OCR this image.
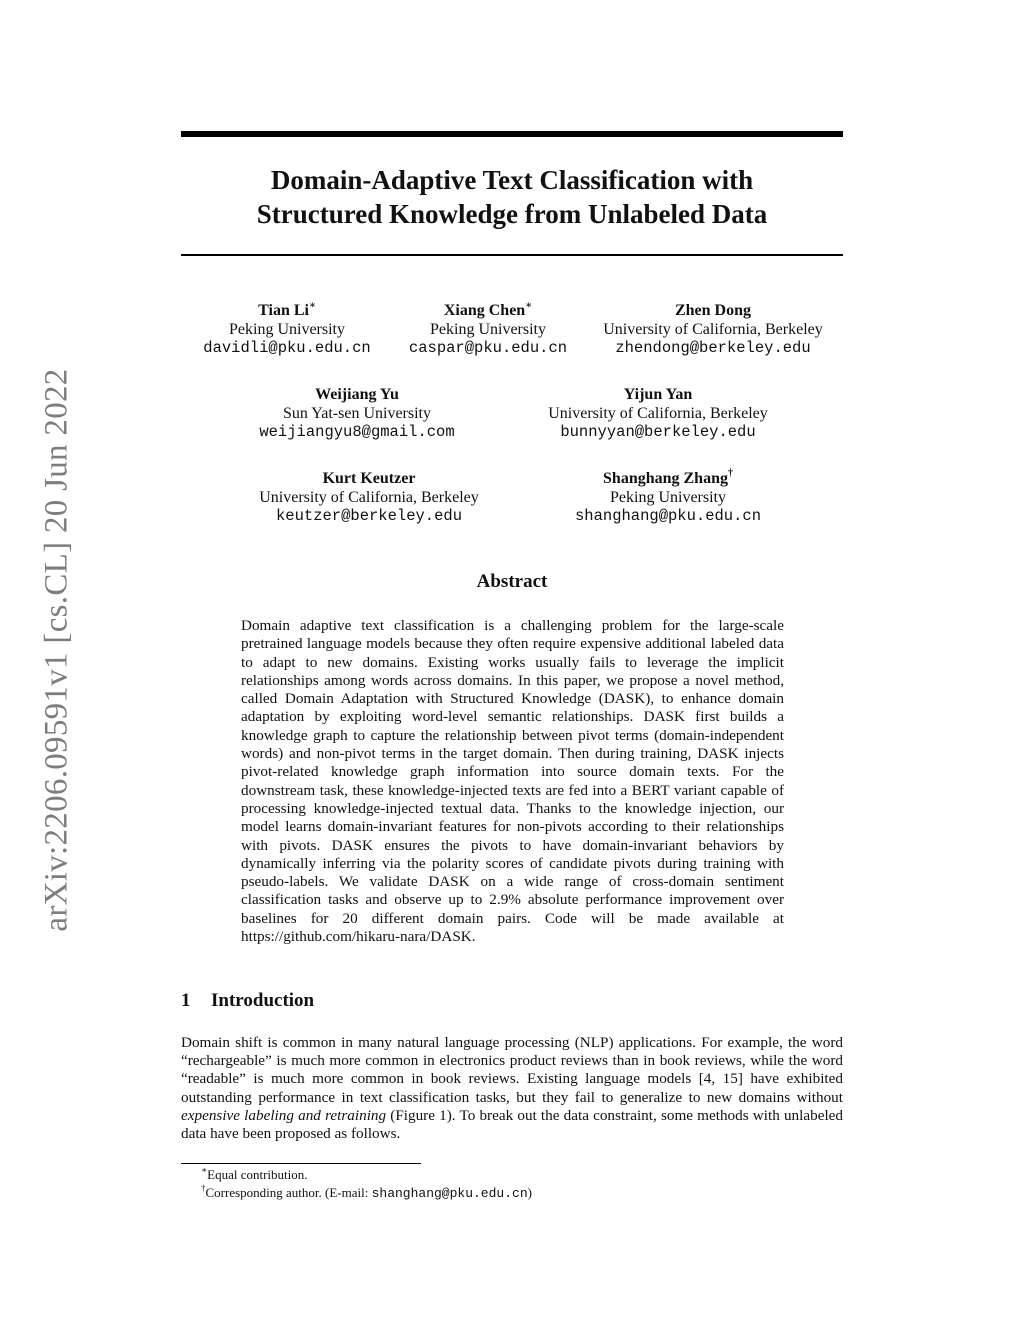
arXiv:2206.09591v1 [cs.CL] 20 Jun 2022
Domain-Adaptive Text Classification with
Structured Knowledge from Unlabeled Data
Tian Li∗
Peking University
davidli@pku.edu.cn
Xiang Chen∗
Peking University
caspar@pku.edu.cn
Zhen Dong
University of California, Berkeley
zhendong@berkeley.edu
Weijiang Yu
Sun Yat-sen University
weijiangyu8@gmail.com
Yijun Yan
University of California, Berkeley
bunnyyan@berkeley.edu
Kurt Keutzer
University of California, Berkeley
keutzer@berkeley.edu
Shanghang Zhang†
Peking University
shanghang@pku.edu.cn
Abstract
Domain adaptive text classification is a challenging problem for the large-scale pretrained language models because they often require expensive additional labeled data to adapt to new domains. Existing works usually fails to leverage the implicit relationships among words across domains. In this paper, we propose a novel method, called Domain Adaptation with Structured Knowledge (DASK), to enhance domain adaptation by exploiting word-level semantic relationships. DASK first builds a knowledge graph to capture the relationship between pivot terms (domain-independent words) and non-pivot terms in the target domain. Then during training, DASK injects pivot-related knowledge graph information into source domain texts. For the downstream task, these knowledge-injected texts are fed into a BERT variant capable of processing knowledge-injected textual data. Thanks to the knowledge injection, our model learns domain-invariant features for non-pivots according to their relationships with pivots. DASK ensures the pivots to have domain-invariant behaviors by dynamically inferring via the polarity scores of candidate pivots during training with pseudo-labels. We validate DASK on a wide range of cross-domain sentiment classification tasks and observe up to 2.9% absolute performance improvement over baselines for 20 different domain pairs. Code will be made available at https://github.com/hikaru-nara/DASK.
1 Introduction
Domain shift is common in many natural language processing (NLP) applications. For example, the word “rechargeable” is much more common in electronics product reviews than in book reviews, while the word “readable” is much more common in book reviews. Existing language models [4, 15] have exhibited outstanding performance in text classification tasks, but they fail to generalize to new domains without expensive labeling and retraining (Figure 1). To break out the data constraint, some methods with unlabeled data have been proposed as follows.
∗Equal contribution.
†Corresponding author. (E-mail: shanghang@pku.edu.cn)
